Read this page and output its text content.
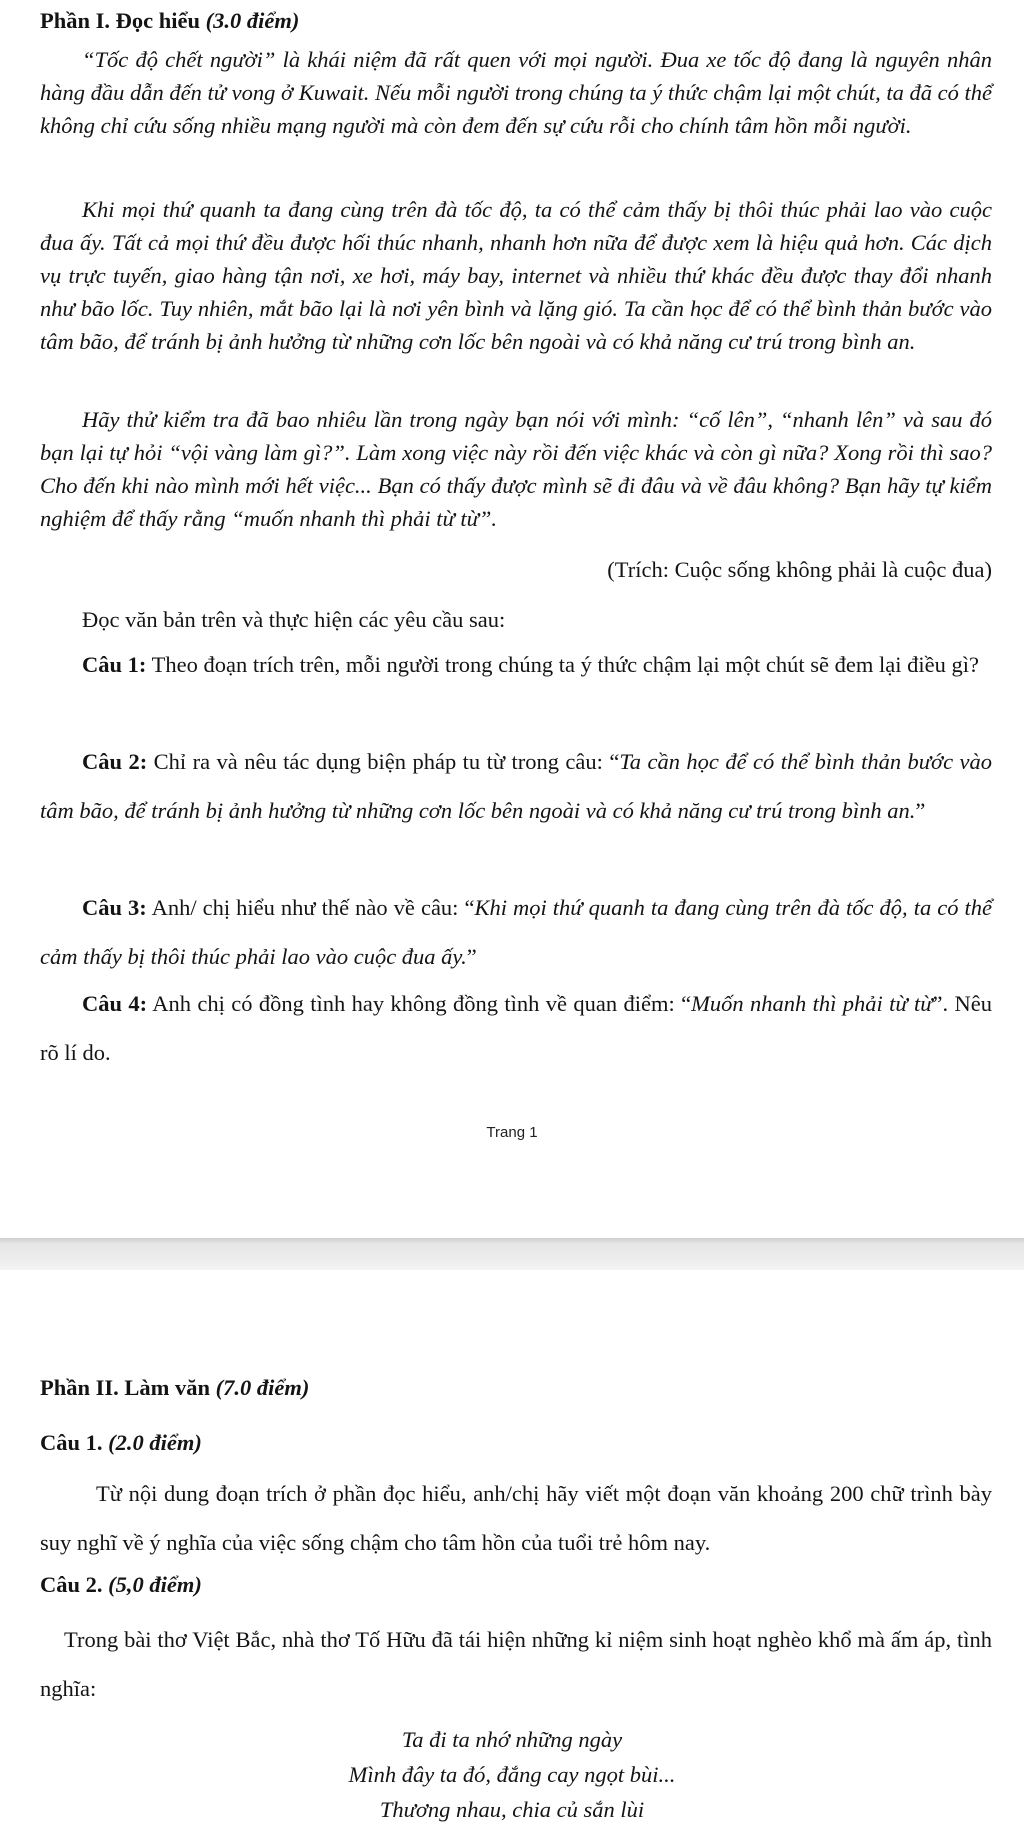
Phần I. Đọc hiểu (3.0 điểm)

“Tốc độ chết người” là khái niệm đã rất quen với mọi người. Đua xe tốc độ đang là nguyên nhân hàng đầu dẫn đến tử vong ở Kuwait. Nếu mỗi người trong chúng ta ý thức chậm lại một chút, ta đã có thể không chỉ cứu sống nhiều mạng người mà còn đem đến sự cứu rỗi cho chính tâm hồn mỗi người.

Khi mọi thứ quanh ta đang cùng trên đà tốc độ, ta có thể cảm thấy bị thôi thúc phải lao vào cuộc đua ấy. Tất cả mọi thứ đều được hối thúc nhanh, nhanh hơn nữa để được xem là hiệu quả hơn. Các dịch vụ trực tuyến, giao hàng tận nơi, xe hơi, máy bay, internet và nhiều thứ khác đều được thay đổi nhanh như bão lốc. Tuy nhiên, mắt bão lại là nơi yên bình và lặng gió. Ta cần học để có thể bình thản bước vào tâm bão, để tránh bị ảnh hưởng từ những cơn lốc bên ngoài và có khả năng cư trú trong bình an.

Hãy thử kiểm tra đã bao nhiêu lần trong ngày bạn nói với mình: “cố lên”, “nhanh lên” và sau đó bạn lại tự hỏi “vội vàng làm gì?”. Làm xong việc này rồi đến việc khác và còn gì nữa? Xong rồi thì sao? Cho đến khi nào mình mới hết việc... Bạn có thấy được mình sẽ đi đâu và về đâu không? Bạn hãy tự kiểm nghiệm để thấy rằng “muốn nhanh thì phải từ từ”.

(Trích: Cuộc sống không phải là cuộc đua)

Đọc văn bản trên và thực hiện các yêu cầu sau:

Câu 1: Theo đoạn trích trên, mỗi người trong chúng ta ý thức chậm lại một chút sẽ đem lại điều gì?

Câu 2: Chỉ ra và nêu tác dụng biện pháp tu từ trong câu: “Ta cần học để có thể bình thản bước vào tâm bão, để tránh bị ảnh hưởng từ những cơn lốc bên ngoài và có khả năng cư trú trong bình an.”

Câu 3: Anh/ chị hiểu như thế nào về câu: “Khi mọi thứ quanh ta đang cùng trên đà tốc độ, ta có thể cảm thấy bị thôi thúc phải lao vào cuộc đua ấy.”

Câu 4: Anh chị có đồng tình hay không đồng tình về quan điểm: “Muốn nhanh thì phải từ từ”. Nêu rõ lí do.

Trang 1

Phần II. Làm văn (7.0 điểm)

Câu 1. (2.0 điểm)

Từ nội dung đoạn trích ở phần đọc hiểu, anh/chị hãy viết một đoạn văn khoảng 200 chữ trình bày suy nghĩ về ý nghĩa của việc sống chậm cho tâm hồn của tuổi trẻ hôm nay.

Câu 2. (5,0 điểm)

Trong bài thơ Việt Bắc, nhà thơ Tố Hữu đã tái hiện những kỉ niệm sinh hoạt nghèo khổ mà ấm áp, tình nghĩa:

Ta đi ta nhớ những ngày

Mình đây ta đó, đắng cay ngọt bùi...

Thương nhau, chia củ sắn lùi
